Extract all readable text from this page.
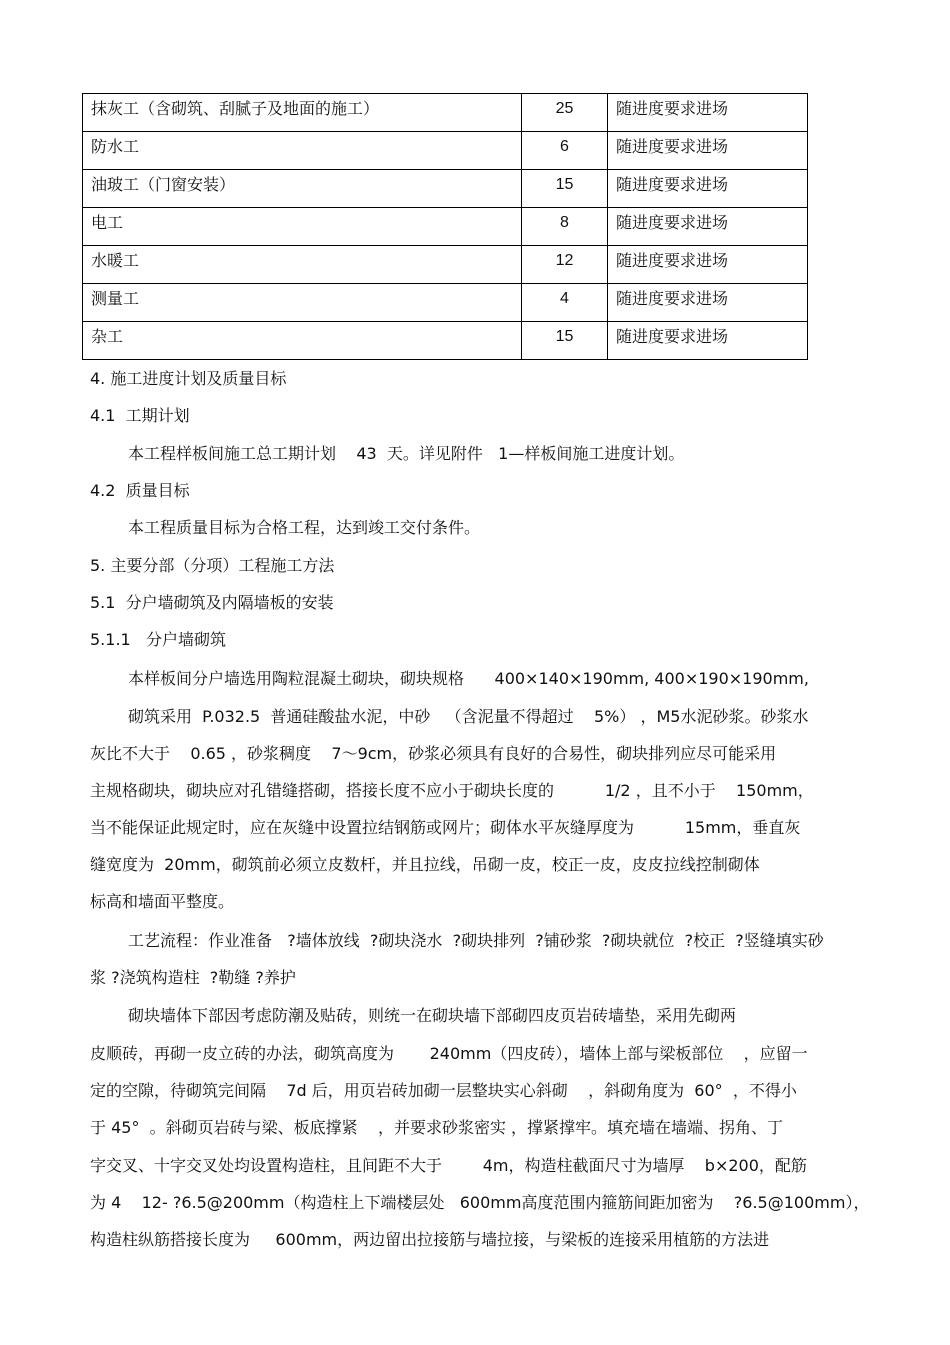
抹灰工（含砌筑、刮腻子及地面的施工）	25	随进度要求进场
防水工	6	随进度要求进场
油玻工（门窗安装）	15	随进度要求进场
电工	8	随进度要求进场
水暖工	12	随进度要求进场
测量工	4	随进度要求进场
杂工	15	随进度要求进场
4. 施工进度计划及质量目标
4.1  工期计划
本工程样板间施工总工期计划    43  天。详见附件   1—样板间施工进度计划。
4.2  质量目标
本工程质量目标为合格工程，达到竣工交付条件。
5. 主要分部（分项）工程施工方法
5.1  分户墙砌筑及内隔墙板的安装
5.1.1   分户墙砌筑
本样板间分户墙选用陶粒混凝土砌块，砌块规格      400×140×190mm, 400×190×190mm,
砌筑采用  P.032.5  普通硅酸盐水泥，中砂   （含泥量不得超过    5%） ，M5水泥砂浆。砂浆水
灰比不大于    0.65 ，砂浆稠度    7～9cm，砂浆必须具有良好的合易性，砌块排列应尽可能采用
主规格砌块，砌块应对孔错缝搭砌，搭接长度不应小于砌块长度的          1/2 ，且不小于    150mm，
当不能保证此规定时，应在灰缝中设置拉结钢筋或网片；砌体水平灰缝厚度为          15mm，垂直灰
缝宽度为  20mm，砌筑前必须立皮数杆，并且拉线，吊砌一皮，校正一皮，皮皮拉线控制砌体
标高和墙面平整度。
工艺流程：作业准备   ?墙体放线  ?砌块浇水  ?砌块排列  ?铺砂浆  ?砌块就位  ?校正  ?竖缝填实砂
浆 ?浇筑构造柱  ?勒缝 ?养护
砌块墙体下部因考虑防潮及贴砖，则统一在砌块墙下部砌四皮页岩砖墙垫，采用先砌两
皮顺砖，再砌一皮立砖的办法，砌筑高度为       240mm（四皮砖），墙体上部与梁板部位    ，应留一
定的空隙，待砌筑完间隔    7d 后，用页岩砖加砌一层整块实心斜砌    ，斜砌角度为  60°  ，不得小
于 45°  。斜砌页岩砖与梁、板底撑紧    ，并要求砂浆密实 ，撑紧撑牢。填充墙在墙端、拐角、丁
字交叉、十字交叉处均设置构造柱，且间距不大于        4m，构造柱截面尺寸为墙厚    b×200，配筋
为 4    12- ?6.5@200mm（构造柱上下端楼层处   600mm高度范围内箍筋间距加密为    ?6.5@100mm），
构造柱纵筋搭接长度为     600mm，两边留出拉接筋与墙拉接，与梁板的连接采用植筋的方法进
